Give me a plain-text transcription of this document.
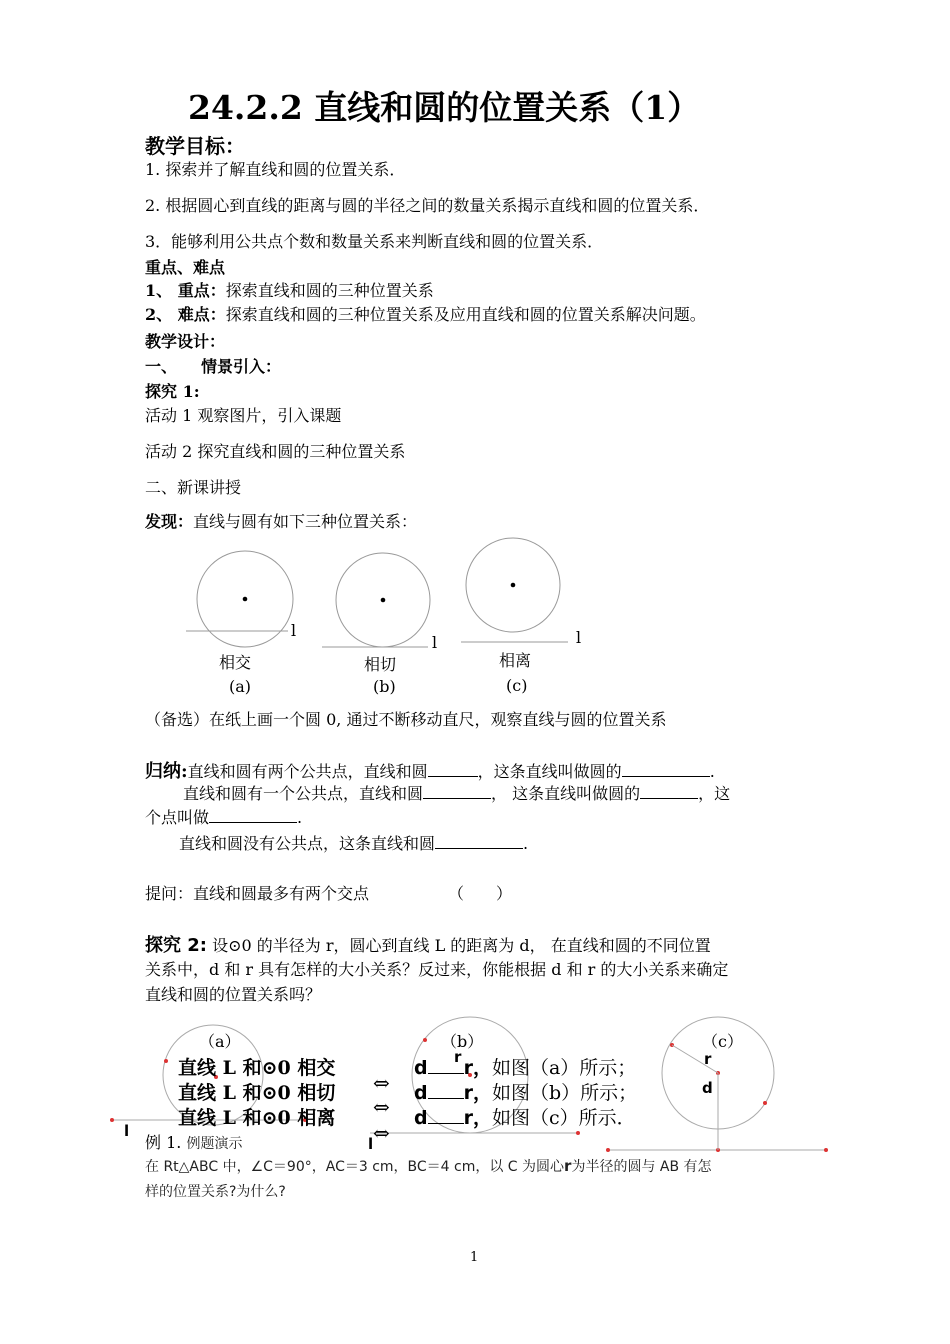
24.2.2 直线和圆的位置关系（1）
教学目标：
1. 探索并了解直线和圆的位置关系．
2. 根据圆心到直线的距离与圆的半径之间的数量关系揭示直线和圆的位置关系．
3．能够利用公共点个数和数量关系来判断直线和圆的位置关系．
重点、难点
1、 重点：探索直线和圆的三种位置关系
2、 难点：探索直线和圆的三种位置关系及应用直线和圆的位置关系解决问题。
教学设计：
一、　　情景引入：
探究 1:
活动 1 观察图片，引入课题
活动 2 探究直线和圆的三种位置关系
二、新课讲授
发现：直线与圆有如下三种位置关系：
l
l	l
相交	相切	相离
(a)	(b)	(c)
（备选）在纸上画一个圆 0, 通过不断移动直尺，观察直线与圆的位置关系
归纳:直线和圆有两个公共点，直线和圆	，这条直线叫做圆的	.
直线和圆有一个公共点，直线和圆	， 这条直线叫做圆的	，这
个点叫做	.
直线和圆没有公共点，这条直线和圆	.
提问：直线和圆最多有两个交点	（　　）
探究 2: 设⊙0 的半径为 r，圆心到直线 L 的距离为 d， 在直线和圆的不同位置
关系中，d 和 r 具有怎样的大小关系？反过来，你能根据 d 和 r 的大小关系来确定
直线和圆的位置关系吗？
（a）	（b）	（c）
直线 L 和⊙0 相交
直线 L 和⊙0 相切
直线 L 和⊙0 相离
⇔
⇔
⇔
d r，如图（a）所示；
d r，如图（b）所示；
d r，如图（c）所示．
r	r
d
l
l
例 1. 例题演示
在 Rt△ABC 中，∠C＝90°，AC＝3 cm，BC＝4 cm，以 C 为圆心r为半径的圆与 AB 有怎
样的位置关系?为什么?
1
